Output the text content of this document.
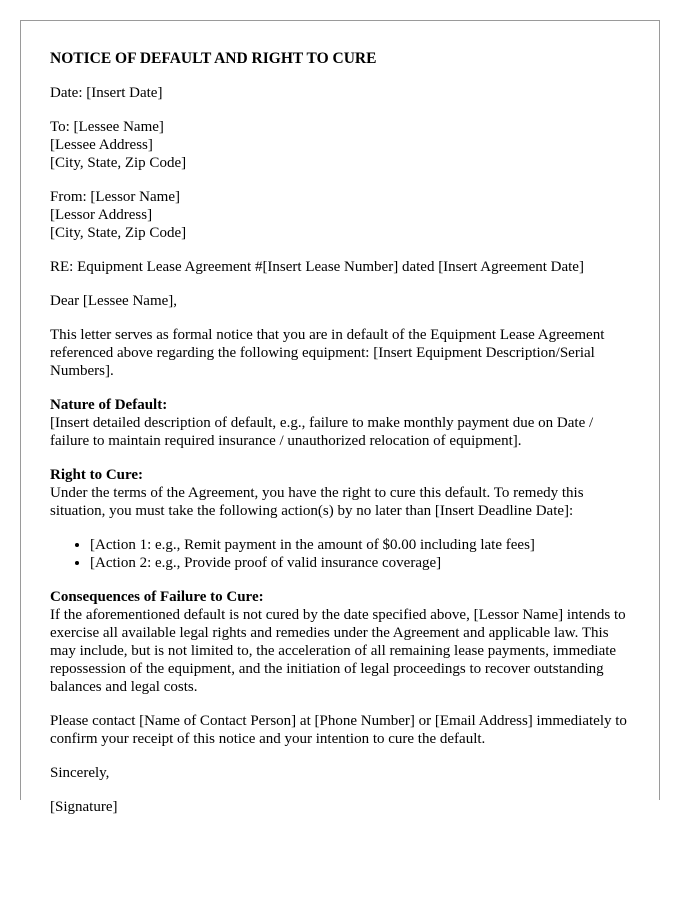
NOTICE OF DEFAULT AND RIGHT TO CURE
Date: [Insert Date]
To: [Lessee Name]
[Lessee Address]
[City, State, Zip Code]
From: [Lessor Name]
[Lessor Address]
[City, State, Zip Code]
RE: Equipment Lease Agreement #[Insert Lease Number] dated [Insert Agreement Date]
Dear [Lessee Name],
This letter serves as formal notice that you are in default of the Equipment Lease Agreement referenced above regarding the following equipment: [Insert Equipment Description/Serial Numbers].
Nature of Default:
[Insert detailed description of default, e.g., failure to make monthly payment due on Date / failure to maintain required insurance / unauthorized relocation of equipment].
Right to Cure:
Under the terms of the Agreement, you have the right to cure this default. To remedy this situation, you must take the following action(s) by no later than [Insert Deadline Date]:
• [Action 1: e.g., Remit payment in the amount of $0.00 including late fees]
• [Action 2: e.g., Provide proof of valid insurance coverage]
Consequences of Failure to Cure:
If the aforementioned default is not cured by the date specified above, [Lessor Name] intends to exercise all available legal rights and remedies under the Agreement and applicable law. This may include, but is not limited to, the acceleration of all remaining lease payments, immediate repossession of the equipment, and the initiation of legal proceedings to recover outstanding balances and legal costs.
Please contact [Name of Contact Person] at [Phone Number] or [Email Address] immediately to confirm your receipt of this notice and your intention to cure the default.
Sincerely,
[Signature]
